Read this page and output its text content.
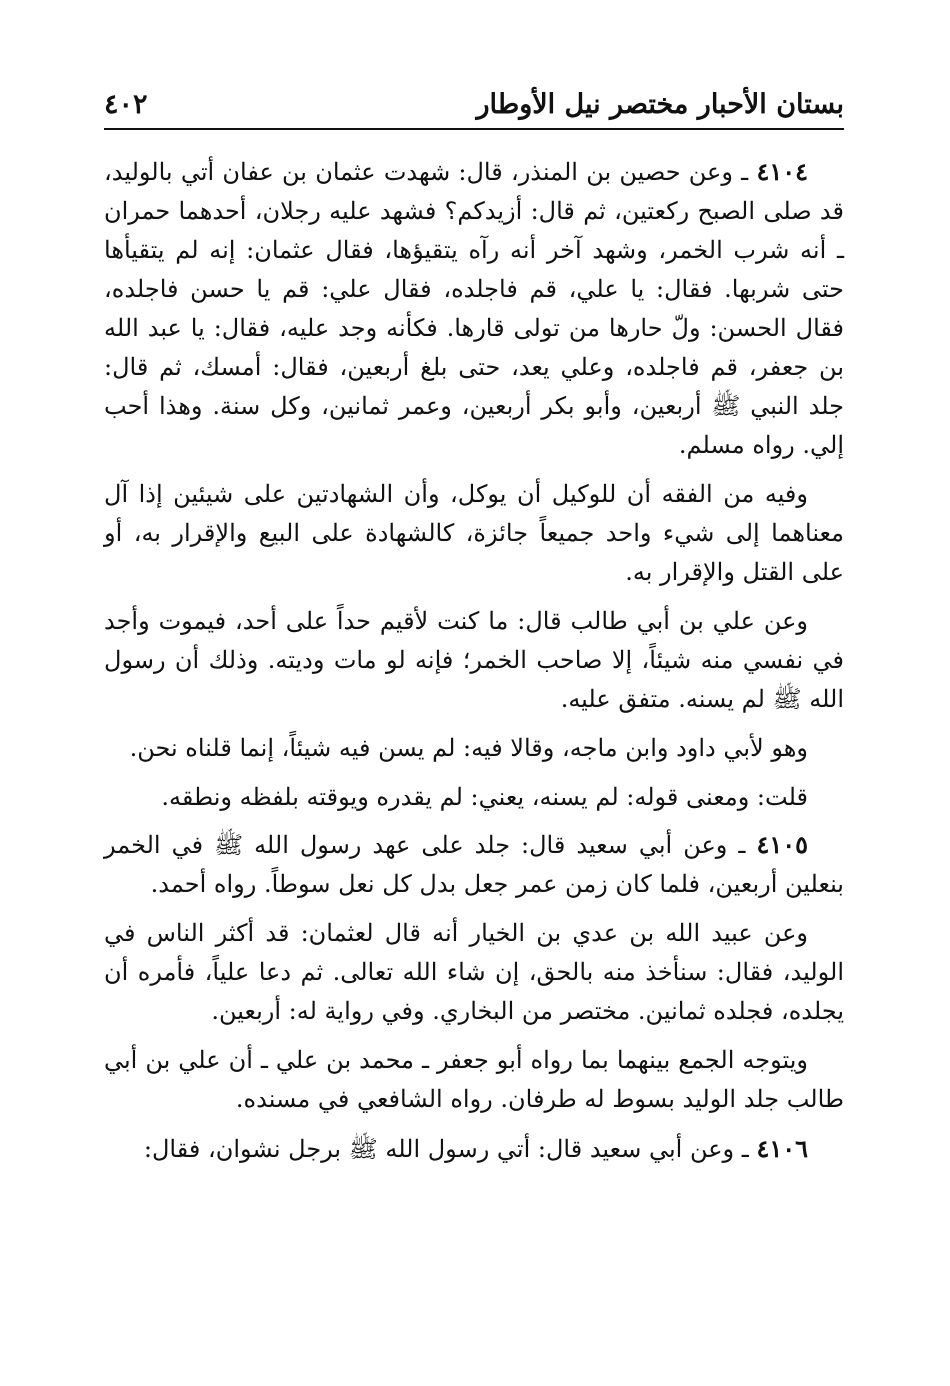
بستان الأحبار مختصر نيل الأوطار
٤٠٢

٤١٠٤ ـ وعن حصين بن المنذر، قال: شهدت عثمان بن عفان أتي بالوليد، قد صلى الصبح ركعتين، ثم قال: أزيدكم؟ فشهد عليه رجلان، أحدهما حمران ـ أنه شرب الخمر، وشهد آخر أنه رآه يتقيؤها، فقال عثمان: إنه لم يتقيأها حتى شربها. فقال: يا علي، قم فاجلده، فقال علي: قم يا حسن فاجلده، فقال الحسن: ولّ حارها من تولى قارها. فكأنه وجد عليه، فقال: يا عبد الله بن جعفر، قم فاجلده، وعلي يعد، حتى بلغ أربعين، فقال: أمسك، ثم قال: جلد النبي ﷺ أربعين، وأبو بكر أربعين، وعمر ثمانين، وكل سنة. وهذا أحب إلي. رواه مسلم.

وفيه من الفقه أن للوكيل أن يوكل، وأن الشهادتين على شيئين إذا آل معناهما إلى شيء واحد جميعاً جائزة، كالشهادة على البيع والإقرار به، أو على القتل والإقرار به.

وعن علي بن أبي طالب قال: ما كنت لأقيم حداً على أحد، فيموت وأجد في نفسي منه شيئاً، إلا صاحب الخمر؛ فإنه لو مات وديته. وذلك أن رسول الله ﷺ لم يسنه. متفق عليه.

وهو لأبي داود وابن ماجه، وقالا فيه: لم يسن فيه شيئاً، إنما قلناه نحن.

قلت: ومعنى قوله: لم يسنه، يعني: لم يقدره ويوقته بلفظه ونطقه.

٤١٠٥ ـ وعن أبي سعيد قال: جلد على عهد رسول الله ﷺ في الخمر بنعلين أربعين، فلما كان زمن عمر جعل بدل كل نعل سوطاً. رواه أحمد.

وعن عبيد الله بن عدي بن الخيار أنه قال لعثمان: قد أكثر الناس في الوليد، فقال: سنأخذ منه بالحق، إن شاء الله تعالى. ثم دعا علياً، فأمره أن يجلده، فجلده ثمانين. مختصر من البخاري. وفي رواية له: أربعين.

ويتوجه الجمع بينهما بما رواه أبو جعفر ـ محمد بن علي ـ أن علي بن أبي طالب جلد الوليد بسوط له طرفان. رواه الشافعي في مسنده.

٤١٠٦ ـ وعن أبي سعيد قال: أتي رسول الله ﷺ برجل نشوان، فقال:
